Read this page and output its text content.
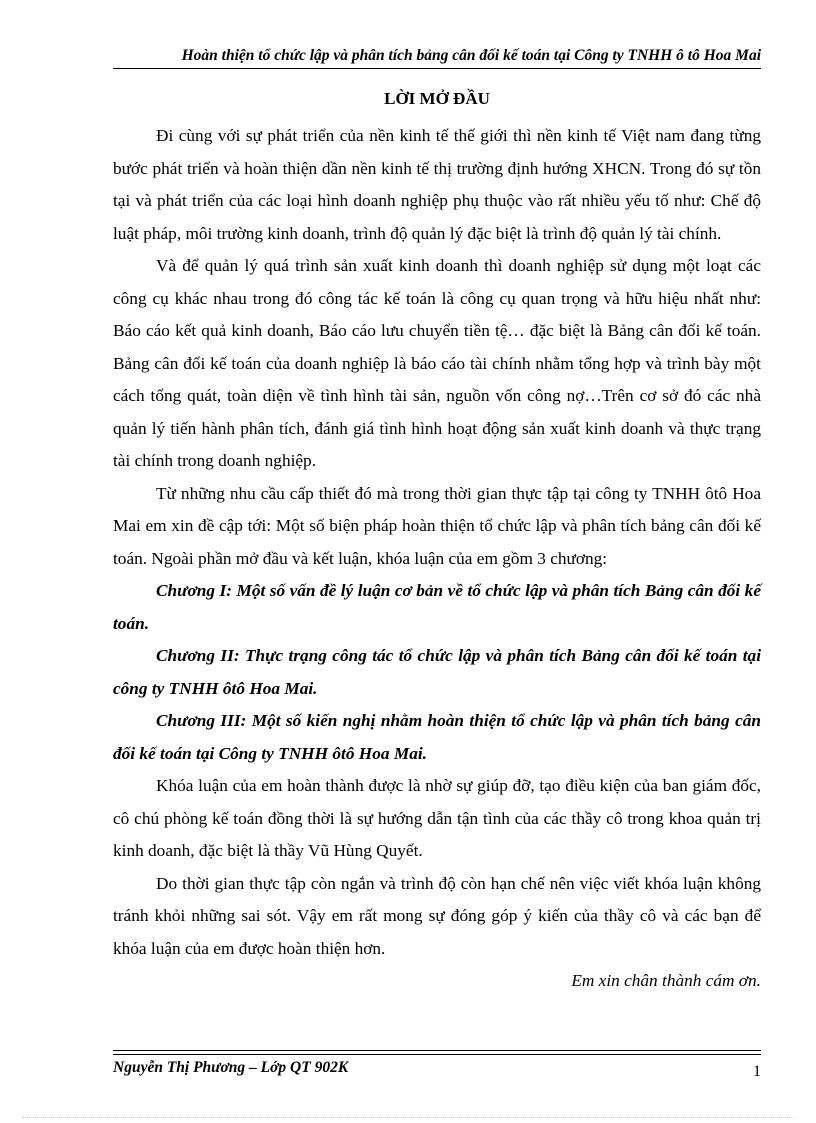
Hoàn thiện tổ chức lập và phân tích bảng cân đối kế toán tại Công ty TNHH ô tô Hoa Mai
LỜI MỞ ĐẦU

Đi cùng với sự phát triển của nền kinh tế thế giới thì nền kinh tế Việt nam đang từng bước phát triển và hoàn thiện dần nền kinh tế thị trường định hướng XHCN. Trong đó sự tồn tại và phát triển của các loại hình doanh nghiệp phụ thuộc vào rất nhiều yếu tố như: Chế độ luật pháp, môi trường kinh doanh, trình độ quản lý đặc biệt là trình độ quản lý tài chính.

Và để quản lý quá trình sản xuất kinh doanh thì doanh nghiệp sử dụng một loạt các công cụ khác nhau trong đó công tác kế toán là công cụ quan trọng và hữu hiệu nhất như: Báo cáo kết quả kinh doanh, Báo cáo lưu chuyển tiền tệ… đặc biệt là Bảng cân đối kế toán. Bảng cân đối kế toán của doanh nghiệp là báo cáo tài chính nhằm tổng hợp và trình bày một cách tổng quát, toàn diện về tình hình tài sản, nguồn vốn công nợ…Trên cơ sở đó các nhà quản lý tiến hành phân tích, đánh giá tình hình hoạt động sản xuất kinh doanh và thực trạng tài chính trong doanh nghiệp.

Từ những nhu cầu cấp thiết đó mà trong thời gian thực tập tại công ty TNHH ôtô Hoa Mai em xin đề cập tới: Một số biện pháp hoàn thiện tổ chức lập và phân tích bảng cân đối kế toán. Ngoài phần mở đầu và kết luận, khóa luận của em gồm 3 chương:

Chương I: Một số vấn đề lý luận cơ bản về tổ chức lập và phân tích Bảng cân đối kế toán.

Chương II: Thực trạng công tác tổ chức lập và phân tích Bảng cân đối kế toán tại công ty TNHH ôtô Hoa Mai.

Chương III: Một số kiến nghị nhằm hoàn thiện tổ chức lập và phân tích bảng cân đối kế toán tại Công ty TNHH ôtô Hoa Mai.

Khóa luận của em hoàn thành được là nhờ sự giúp đỡ, tạo điều kiện của ban giám đốc, cô chú phòng kế toán đồng thời là sự hướng dẫn tận tình của các thầy cô trong khoa quản trị kinh doanh, đặc biệt là thầy Vũ Hùng Quyết.

Do thời gian thực tập còn ngắn và trình độ còn hạn chế nên việc viết khóa luận không tránh khỏi những sai sót. Vậy em rất mong sự đóng góp ý kiến của thầy cô và các bạn để khóa luận của em được hoàn thiện hơn.

Em xin chân thành cám ơn.

Nguyễn Thị Phương – Lớp QT 902K	1
